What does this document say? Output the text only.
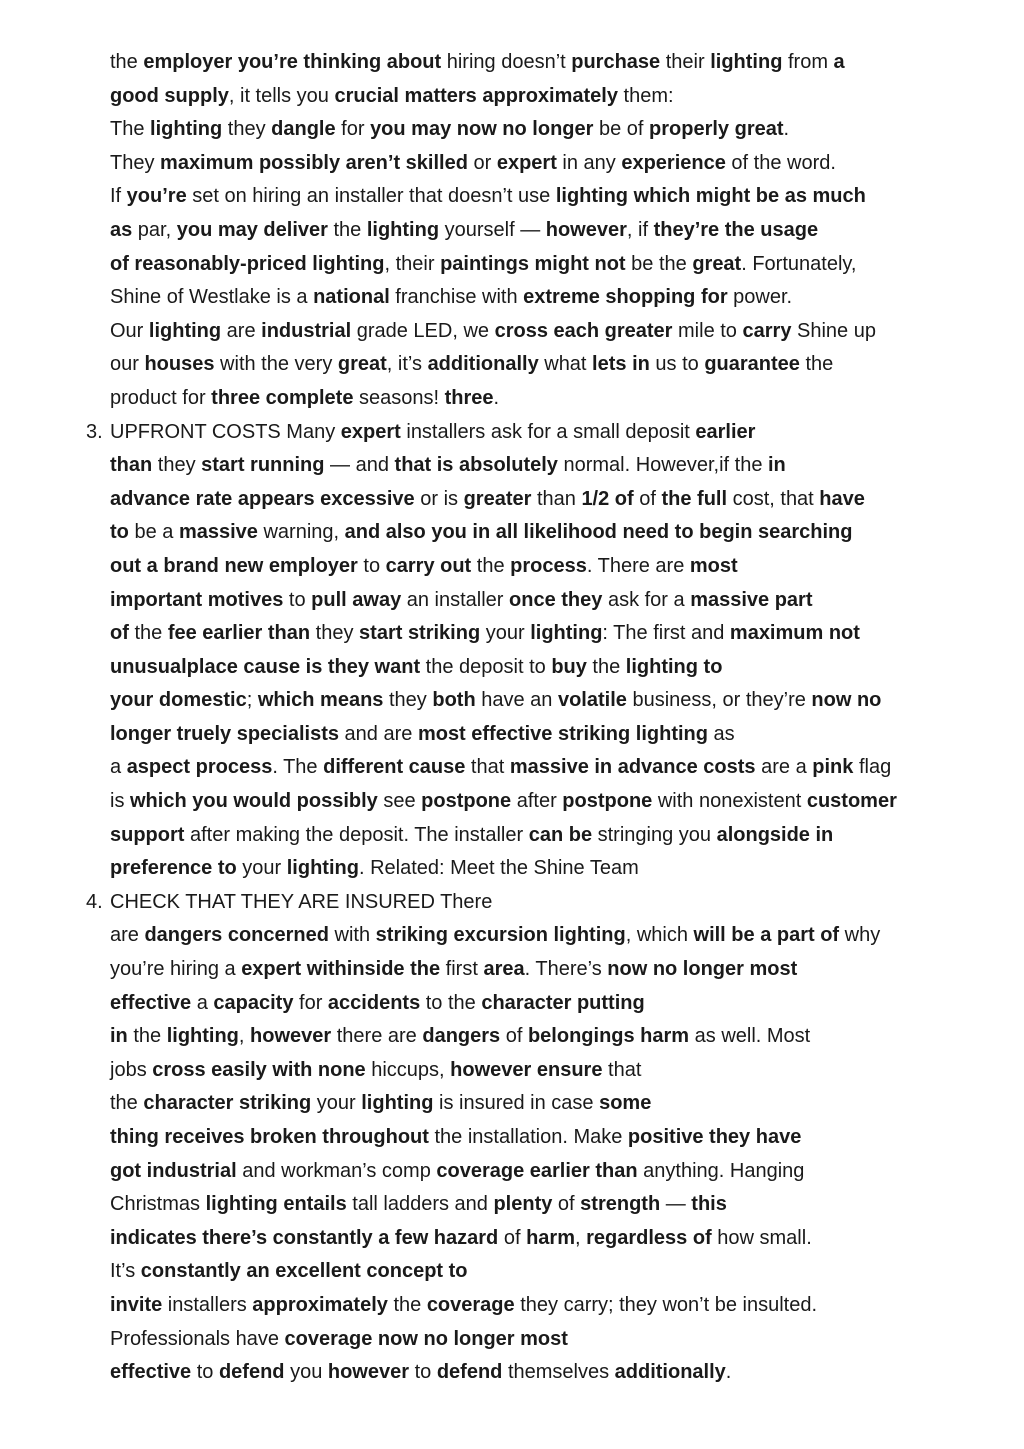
the employer you’re thinking about hiring doesn’t purchase their lighting from a
good supply, it tells you crucial matters approximately them:
The lighting they dangle for you may now no longer be of properly great.
They maximum possibly aren’t skilled or expert in any experience of the word.
If you’re set on hiring an installer that doesn’t use lighting which might be as much
as par, you may deliver the lighting yourself — however, if they’re the usage
of reasonably-priced lighting, their paintings might not be the great. Fortunately,
Shine of Westlake is a national franchise with extreme shopping for power.
Our lighting are industrial grade LED, we cross each greater mile to carry Shine up
our houses with the very great, it’s additionally what lets in us to guarantee the
product for three complete seasons! three.
3. UPFRONT COSTS Many expert installers ask for a small deposit earlier
than they start running — and that is absolutely normal. However,if the in
advance rate appears excessive or is greater than 1/2 of of the full cost, that have
to be a massive warning, and also you in all likelihood need to begin searching
out a brand new employer to carry out the process. There are most
important motives to pull away an installer once they ask for a massive part
of the fee earlier than they start striking your lighting: The first and maximum not
unusualplace cause is they want the deposit to buy the lighting to
your domestic; which means they both have an volatile business, or they’re now no
longer truely specialists and are most effective striking lighting as
a aspect process. The different cause that massive in advance costs are a pink flag
is which you would possibly see postpone after postpone with nonexistent customer
support after making the deposit. The installer can be stringing you alongside in
preference to your lighting. Related: Meet the Shine Team
4. CHECK THAT THEY ARE INSURED There
are dangers concerned with striking excursion lighting, which will be a part of why
you’re hiring a expert withinside the first area. There’s now no longer most
effective a capacity for accidents to the character putting
in the lighting, however there are dangers of belongings harm as well. Most
jobs cross easily with none hiccups, however ensure that
the character striking your lighting is insured in case some
thing receives broken throughout the installation. Make positive they have
got industrial and workman’s comp coverage earlier than anything. Hanging
Christmas lighting entails tall ladders and plenty of strength — this
indicates there’s constantly a few hazard of harm, regardless of how small.
It’s constantly an excellent concept to
invite installers approximately the coverage they carry; they won’t be insulted.
Professionals have coverage now no longer most
effective to defend you however to defend themselves additionally.
